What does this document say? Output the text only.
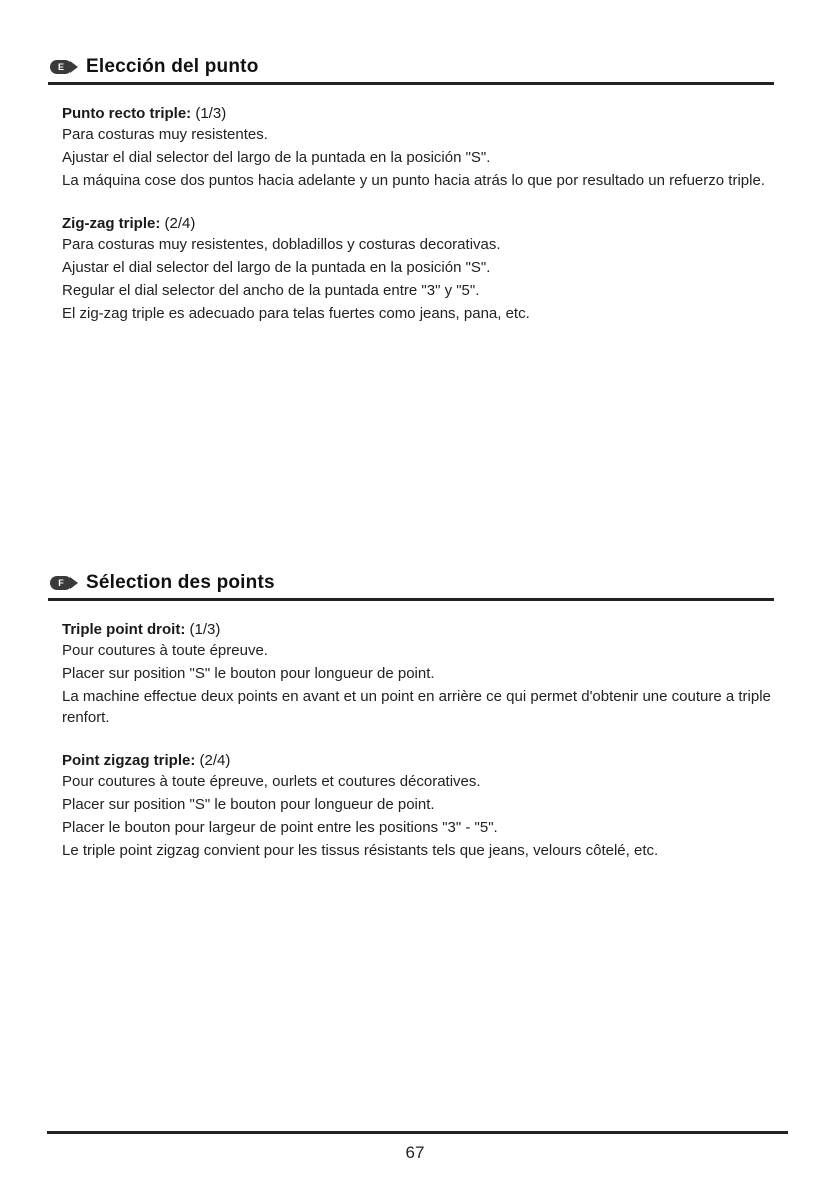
E Elección del punto
Punto recto triple: (1/3)

Para costuras muy resistentes.

Ajustar el dial selector del largo de la puntada en la posición "S".

La máquina cose dos puntos hacia adelante y un punto hacia atrás lo que por resultado un refuerzo triple.

Zig-zag triple: (2/4)

Para costuras muy resistentes, dobladillos y costuras decorativas.

Ajustar el dial selector del largo de la puntada en la posición "S".

Regular el dial selector del ancho de la puntada entre "3" y "5".

El zig-zag triple es adecuado para telas fuertes como jeans, pana, etc.

F Sélection des points
Triple point droit: (1/3)

Pour coutures à toute épreuve.

Placer sur position "S" le bouton pour longueur de point.

La machine effectue deux points en avant et un point en arrière ce qui permet d'obtenir une couture a triple renfort.

Point zigzag triple: (2/4)

Pour coutures à toute épreuve, ourlets et coutures décoratives.

Placer sur position "S" le bouton pour longueur de point.

Placer le bouton pour largeur de point entre les positions "3" - "5".

Le triple point zigzag convient pour les tissus résistants tels que jeans, velours côtelé, etc.

67
